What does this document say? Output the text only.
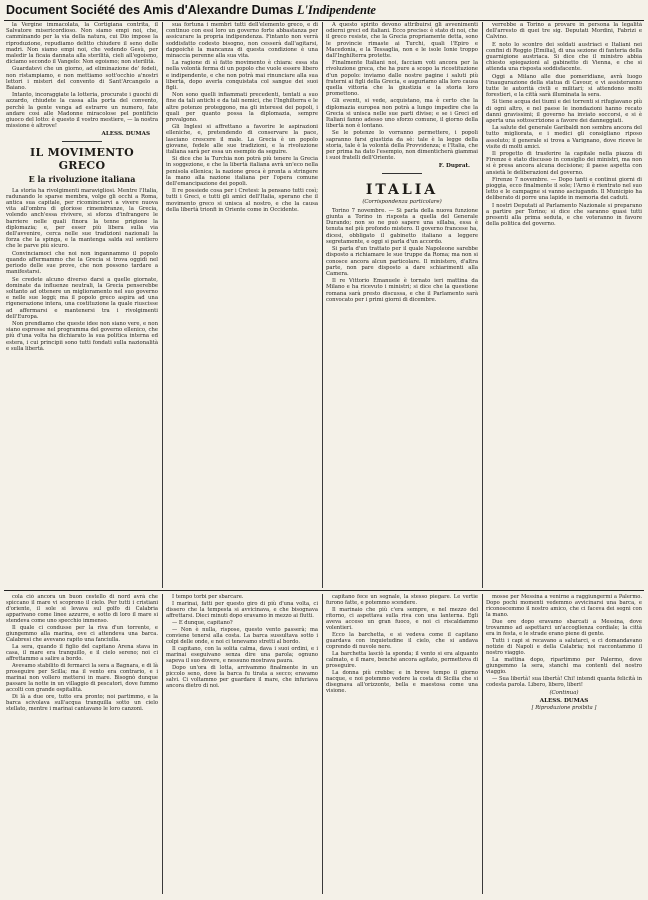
Document Société des Amis d'Alexandre Dumas L'Indipendente

la Vergine immacolata, la Cortigiana contrita, il Salvatore misericordioso. Non siamo empi noi, che, camminando per la via della natura, cui Dio impose la riproduzione, repudiamo delitto chiudere il seno delle madri. Non siamo empi noi, che vedendo Gesù, per maledir la ficaia dannata alla sterilità, cieli all'egoismo, diciamo secondo il Vangelo: Non egoismo; non sterilità.

Guardatevi che un giorno, ad eliminazione de' fedeli, non ristampiamo, e non mettiamo sott'occhio a'nostri lettori i misteri del convento di Sant'Arcangelo a Baiano.

Intanto, incoraggiate la lotteria, procurate i guochi di azzardo, chiudete la cassa alla porta del convento, perchè la gente venga ad estrarre un numero, fate andare così alle Madonne miracolose pel pontificio giuoco del lotto: è questo il vostro mestiere, — la nostra missione è altrove!

ALESS. DUMAS
IL MOVIMENTO GRECO
E la rivoluzione italiana

La storia ha rivolgimenti maravigliosi. Mentre l'Italia, radunando le sparse membra, volge gli occhi a Roma, antica sua capitale, per ricominciarvi a vivere nuova vita all'ombra di gloriose rimembranze, la Grecia, volendo anch'essa rivivere, si sforza d'infrangere le barriere nelle quali finora la tenne prigione la diplomazia; e, per esser più libera sulla via dell'avvenire, cerca nelle sue tradizioni nazionali la forza che la spinga, e la mantenga salda sul sentiero che le parve più sicuro.

Convinciamoci che noi non ingannammo il popolo quando affermammo che la Grecia si trova oggidì nel periodo delle sue prove, che non possono tardare a manifestarsi.

Se credete alcuno diverso darsi a quelle giornate, dominate da influenze neutrali, la Grecia penserebbe soltanto ad ottenere un miglioramento nel suo governo e nelle sue leggi; ma il popolo greco aspira ad una rigenerazione intera, una costituzione la quale riuscisse ad affermarsi e mantenersi tra i rivolgimenti dell'Europa.

Non prendiamo che queste idee non siano vere, e non siano espresse nel programma del governo ellenico, che più d'una volta ha dichiarato la sua politica interna ed estera, i cui principii sono tutti fondati sulla nazionalità e sulla libertà.

sua fortuna i membri tutti dell'elemento greco, e di continuo con essi loro un governo forte abbastanza per assicurare la propria indipendenza. Fintanto non verrà soddisfatto codesto bisogno, non cesserà dall'agitarsi, dappoichè la mancanza di questa condizione è una minaccia perenne alla sua vita.

La ragione di sì fatto movimento è chiara: essa sta nella volontà ferma di un popolo che vuole essere libero e indipendente, e che non potrà mai rinunciare alla sua libertà, dopo averla conquistata col sangue dei suoi figli.

Non sono quelli infiammati precedenti, tentati a suo fine da tali antichi e da tali nemici, che l'Inghilterra e le altre potenze proteggono, ma gli interessi dei popoli, i quali per quanto possa la diplomazia, sempre prevalgono.

Gli Inglesi si affrettano a favorire le aspirazioni elleniche, e, pretendendo di conservare la pace, lasciano crescere il male. La Grecia è un popolo giovane, fedele alle sue tradizioni, e la rivoluzione italiana sarà per essa un esempio da seguire.

Si dice che la Turchia non potrà più tenere la Grecia in soggezione, e che la libertà italiana avrà un'eco nella penisola ellenica; la nazione greca è pronta a stringere la mano alla nazione italiana per l'opera comune dell'emancipazione dei popoli.

Il re possiede cosa per i Cretesi: la pensano tutti così; tutti i Greci, e tutti gli amici dell'Italia, sperano che il movimento greco si unisca al nostro, e che la causa della libertà trionfi in Oriente come in Occidente.

A questo spirito devono attribuirsi gli avvenimenti odierni greci ed italiani. Ecco preciso: è stato di noi, che il greco resiste, che la Grecia propriamente detta, sono le provincie rimaste ai Turchi, quali l'Epiro e Macedonia, e la Tessaglia, non e le isole Ionie troppo dall'Inghilterra protette.

Finalmente Italiani noi, facciam voti ancora per la rivoluzione greca, che ha pure a scopo la ricostituzione d'un popolo: inviamo dalle nostre pagine i saluti più fraterni ai figli della Grecia, e auguriamo alla loro causa quella vittoria che la giustizia e la storia loro promettono.

Gli eventi, si vede, acquistano, ma è certo che la diplomazia europea non potrà a lungo impedire che la Grecia si unisca nelle sue parti divise; e se i Greci ed Italiani fanno adesso uno sforzo comune, il giorno della libertà non è lontano.

Se le potenze lo vorranno permettere, i popoli sapranno farsi giustizia da sè: tale è la legge della storia, tale è la volontà della Provvidenza; e l'Italia, che per prima ha dato l'esempio, non dimenticherà giammai i suoi fratelli dell'Oriente.

F. Duprat.
ITALIA
(Corrispondenza particolare)

Torino 7 novembre. — Si parla della nuova funzione giunta a Torino in risposta a quella del Generale Durando; non so ne può sapere una sillaba, essa è tenuta nel più profondo mistero. Il governo francese ha, dicesi, obbligato il gabinetto italiano a leggere segretamente, e oggi si parla d'un accordo.

Si parla d'un trattato per il quale Napoleone sarebbe disposto a richiamare le sue truppe da Roma; ma non si conosce ancora alcun particolare. Il ministero, d'altra parte, non pare disposto a dare schiarimenti alla Camera.

Il re Vittorio Emanuele è tornato ieri mattina da Milano e ha ricevuto i ministri; si dice che la questione romana sarà presto discussa, e che il Parlamento sarà convocato per i primi giorni di dicembre.

verrebbe a Torino a provare in persona la legalità dell'arresto di quei tre sig. Deputati Mordini, Fabrizi e Calvino.

E noto lo scontro dei soldati austriaci e Italiani nei confini di Reggio [Emilia], di una sezione di fanteria della guarnigione austriaca. Si dice che il ministro abbia chiesto spiegazioni al gabinetto di Vienna, e che si attenda una risposta soddisfacente.

Oggi a Milano alle due pomeridiane, avrà luogo l'inaugurazione della statua di Cavour, e vi assisteranno tutte le autorità civili e militari; si attendono molti forestieri, e la città sarà illuminata la sera.

Si tiene acqua dei tiumi e dei torrenti si rifugiavano più di ogni altro, e nel paese le inondazioni hanno recato danni gravissimi; il governo ha inviato soccorsi, e si è aperta una sottoscrizione a favore dei danneggiati.

La salute del generale Garibaldi non sembra ancora del tutto migliorata, e i medici gli consigliano riposo assoluto; il generale si trova a Varignano, dove riceve le visite di molti amici.

Il progetto di trasferire la capitale nella piazza di Firenze è stato discusso in consiglio dei ministri, ma non si è presa ancora alcuna decisione; il paese aspetta con ansietà le deliberazioni del governo.

Firenze 7 novembre. — Dopo tanti e continui giorni di pioggia, ecco finalmente il sole; l'Arno è rientrato nel suo letto e le campagne si vanno asciugando. Il Municipio ha deliberato di porre una lapide in memoria dei caduti.

I nostri Deputati al Parlamento Nazionale si preparano a partire per Torino; si dice che saranno quasi tutti presenti alla prima seduta, e che voteranno in favore della politica del governo.

cola ciò ancora un buon cestello di nord avrà che spiccano il mare vi scoprono il cielo. Per tutti i cristiani d'oriente, il sole si levava sul golfo di Calabria apparivano come linee azzurre, e sotto di loro il mare si stendeva come uno specchio immenso.

Il quale ci condusse per la riva d'un torrente, e giungemmo alla marina, ove ci attendeva una barca. Calabresi che avevano rapito una fanciulla.

La sera, quando il figlio del capitano Arena stava in casa, il mare era tranquillo, e il cielo sereno; noi ci affrettammo a salire a bordo.

Avevamo stabilito di fermarci la sera a Bagnara, e di là proseguire per Scilla; ma il vento era contrario, e i marinai non vollero mettersi in mare. Bisognò dunque passare la notte in un villaggio di pescatori, dove fummo accolti con grande ospitalità.

Di là a due ore, tutto era pronto; noi partimmo, e la barca scivolava sull'acqua tranquilla sotto un cielo stellato, mentre i marinai cantavano le loro canzoni.

I tempo torbi per sbarcare.

I marinai, fatti per questo giro di più d'una volta, ci dissero che la tempesta si avvicinava, e che bisognava affrettarsi. Dieci minuti dopo eravamo in mezzo ai flutti.

— E dunque, capitano?

— Non è nulla, rispose, questo vento passerà; ma conviene tenersi alla costa. La barca sussultava sotto i colpi delle onde, e noi ci tenevamo stretti al bordo.

Il capitano, con la solita calma, dava i suoi ordini, e i marinai eseguivano senza dire una parola; ognuno sapeva il suo dovere, e nessuno mostrava paura.

Dopo un'ora di lotta, arrivammo finalmente in un piccolo seno, dove la barca fu tirata a secco; eravamo salvi. Ci voltammo per guardare il mare, che infuriava ancora dietro di noi.

capitano fece un segnale, la stesso piegare. Le vertie furono fatte, e potemmo scendere.

Il marinaio che più c'era sempre, e nel mezzo del ritorno, ci aspettava sulla riva con una lanterna. Egli aveva acceso un gran fuoco, e noi ci riscaldammo volentieri.

Ecco la barchetta, e si vedeva come il capitano guardava con inquietudine il cielo, che si andava coprendo di nuvole nere.

La barchetta lasciò la sponda; il vento si era alquanto calmato, e il mare, benchè ancora agitato, permetteva di proseguire.

La donna più crebbe; e in breve tempo il giorno nacque, e noi potemmo vedere la costa di Sicilia che si disegnava all'orizzonte, bella e maestosa come una visione.

mosse per Messina a venirne a raggiungermi a Palermo. Dopo pochi momenti vedemmo avvicinarsi una barca, e riconoscemmo il nostro amico, che ci faceva dei segni con la mano.

Due ore dopo eravamo sbarcati a Messina, dove trovammo ad aspettarci un'accoglienza cordiale; la città era in festa, e le strade erano piene di gente.

Tutti i capi si recavano a salutarci, e ci domandavano notizie di Napoli e della Calabria; noi raccontammo il nostro viaggio.

La mattina dopo, ripartimmo per Palermo, dove giungemmo la sera, stanchi ma contenti del nostro viaggio.

— Sua libertà! sua libertà! Chi! intendi quanta felicità in codesta parola. Libero, libero, liberi!

(Continua)
ALESS. DUMAS
[ Riproduzione proibita ]
